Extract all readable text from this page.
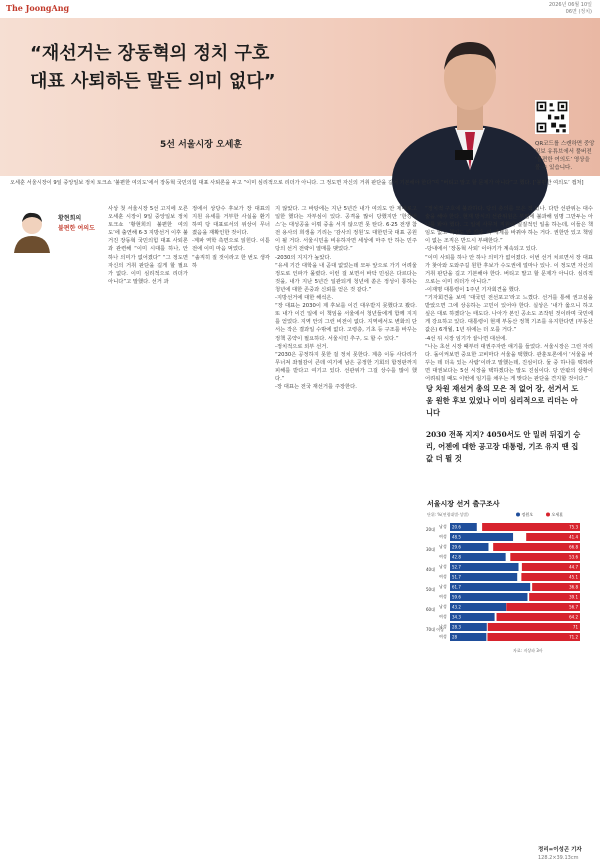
The JoongAng	2026년 06월 10일
06면 (정치)
“재선거는 장동혁의 정치 구호
대표 사퇴하든 말든 의미 없다”
5선 서울시장 오세훈	QR코드를 스캔하면 중앙일보 유튜브에서 풀버전 ‘불편한 여의도’ 영상을 볼 수 있습니다.
오세훈 서울시장이 9일 중앙일보 정치 토크쇼 ‘불편한 여의도’에서 장동혁 국민의힘 대표 사퇴론을 두고 “이미 심리적으로 리더가 아니다. 그 정도면 자신의 거취 판단을 길어 기본해야 한다”며 “버티고 말고 할 문제가 아니다”고 했다. [‘불편한 여의도’ 캡처]
황현희의
불편한 여의도
사상 첫 서울시장 5선 고지에 오른 오세훈 시장이 9일 중앙일보 정치 토크쇼 ‘황현희의 불편한 여의도’에 출연해 6·3 지방선거 이후 불거진 장동혁 국민의힘 대표 사퇴론과 관련해 “이미 시대를 하나, 안 하나 의미가 없어졌다” “그 정도면 자신의 거취 판단을 길게 할 필요가 없다. 이미 심리적으로 리더가 아니다”고 말했다. 선거 과
정에서 상당수 후보가 장 대표의 지원 유세를 거부한 사실을 환기하며 당 대표로서의 위상이 무너졌음을 재확인한 것이다.
-계파 역학 측면으로 읽힌다. 이튿 전에 이미 마음 먹었다.
“솔직히 질 것이라고 한 번도 생각하
지 않았다. 그 바탕에는 지난 5년간 내가 여의도 안 제대로고 일한 했다는 자부심이 있다. 공격을 많이 당했지만 ‘한강버스’는 대성공을 이뤄 중을 서지 않으면 못 탄다. 6·25 전쟁 참전 용사의 희생을 기리는 ‘감사의 정원’도 대한민국 대표 공원이 될 거다. 서울시민을 비유하자면 세상에 마주 안 하는 민주당의 선거 전략이 열매를 맺었다.”
-2030의 지지가 높았다.
“유세 기간 대학을 내 곧대 없었는데 모두 앞으로 가기 어려울 정도로 인파가 몰렸다. 이런 걸 보면서 바닥 민심은 다르다는 것을, 내가 지난 5년간 일관되게 청년에 쏟은 정성이 통하는 청년에 대한 존중과 신뢰를 얻은 것 같다.”
-지방선거에 대한 해석은.
“장 대표는 2030이 제 후보를 이긴 대우받지 못했다고 봤다. 또 내가 이긴 일에 이 책임을 서울에서 청년들에게 함께 지지를 얻었다. 지역 안의 그런 비전이 없다. 지역에서도 변화의 단서는 작은 결과일 수밖에 없다. 고령층, 기초 등 구조를 바꾸는 정책 공약이 필요하다. 서울시민 추구, 도 할 수 있다.”
-정치적으로 외부 선거.
“2030은 공정하지 못한 걸 정치 못한다. 계층 이동 사다리가 무너져 좌절감이 큰데 여기에 남은 공정한 기회의 합정판까지 피해를 받다고 여기고 있다. 선관위가 그걸 상수를 많이 했다.”
-장 대표는 전국 재선거를 주장한다.
“정치적 구호에 불과하다. 당의 총의를 모은 적 있나. 다만 선관위는 대수술을 해야 한다. 현재 방식의 선관위원은 부업에 불과해 임명 그만두는 아니를 봐야 했다. 그 일에 사무처 직원이 실질적인 일을 하는데, 이들은 책임도 없고 책임도 안 진다. 이 체제를 바꿔야 하는 거다. 권한만 있고 책임이 없는 조직은 반드시 부패한다.”
-당내에서 ‘장동혁 사퇴’ 이야기가 계속되고 있다.
“이미 사퇴를 하나 안 하나 의미가 없어졌다. 이번 선거 치르면서 장 대표가 찾아와 도와주길 원한 후보가 수도권에 얼마나 있나. 이 정도면 자신의 거취 판단을 길고 기본해야 한다. 버티고 말고 할 문제가 아니다. 심리적으로는 이미 리더가 아니다.”
-이재명 대통령이 1주년 기자회견을 했다.
“기자회견을 보며 ‘대국민 전선포고’라고 느꼈다. 선거를 통해 권고심을 받았으면 그에 상응하는 고민이 있어야 한다. 실상은 ‘내가 옳으니 하고 싶은 대로 하겠다’는 태도다. 나아가 본인 공소도 조작된 것이라며 국민에게 강요하고 있다. 대통령이 현재 부동산 정책 기조를 유지한다면 (부동산값은) 6개월, 1년 뒤에는 더 오를 거다.”
-4선 뒤 시장 임기가 끝나면 대선에.
“나는 초선 시장 때부터 대권주자란 얘기를 들었다. 서울시장은 그런 자리다. 돌이켜보면 중요한 고비마다 서울을 택했다. 관훈토론에서 ‘서울을 바꾸는 데 더욱 있는 사람’이라고 말했는데, 진심이다. 둘 중 하나를 택하라면 대권보다는 5선 시장을 택하겠다는 말도 진심이다. 당 안팎의 상황이 어려워질 때도 이번에 임기를 채우는 게 맞다는 판단을 견지할 것이다.”
당 차원 재선거 총의 모은 적 없어 장, 선거서 도움 원한 후보 있었나 이미 심리적으로 리더는 아니다
2030 전폭 지지? 4050서도 안 밀려 뒤집기 승리, 어젠에 대한 공고장 대통령, 기조 유지 땐 집값 더 뛸 것
서울시장 선거 출구조사
단위: %(연령대별·성별)	정원오	오세훈
20대
남성 20.6	75.3
여성 48.5	41.4
30대
남성 29.6	66.8
여성 42.8	53.6
40대
남성 52.7	44.7
여성 51.7	45.1
50대
남성 61.7	36.8
여성 59.6	39.1
60대
남성 43.2	56.7
여성 34.3	64.2
70대 이상
남성 28.3	71
여성 28	71.2
자료: 지상파 3사
정리=이성곤 기자
128.2×39.13cm
